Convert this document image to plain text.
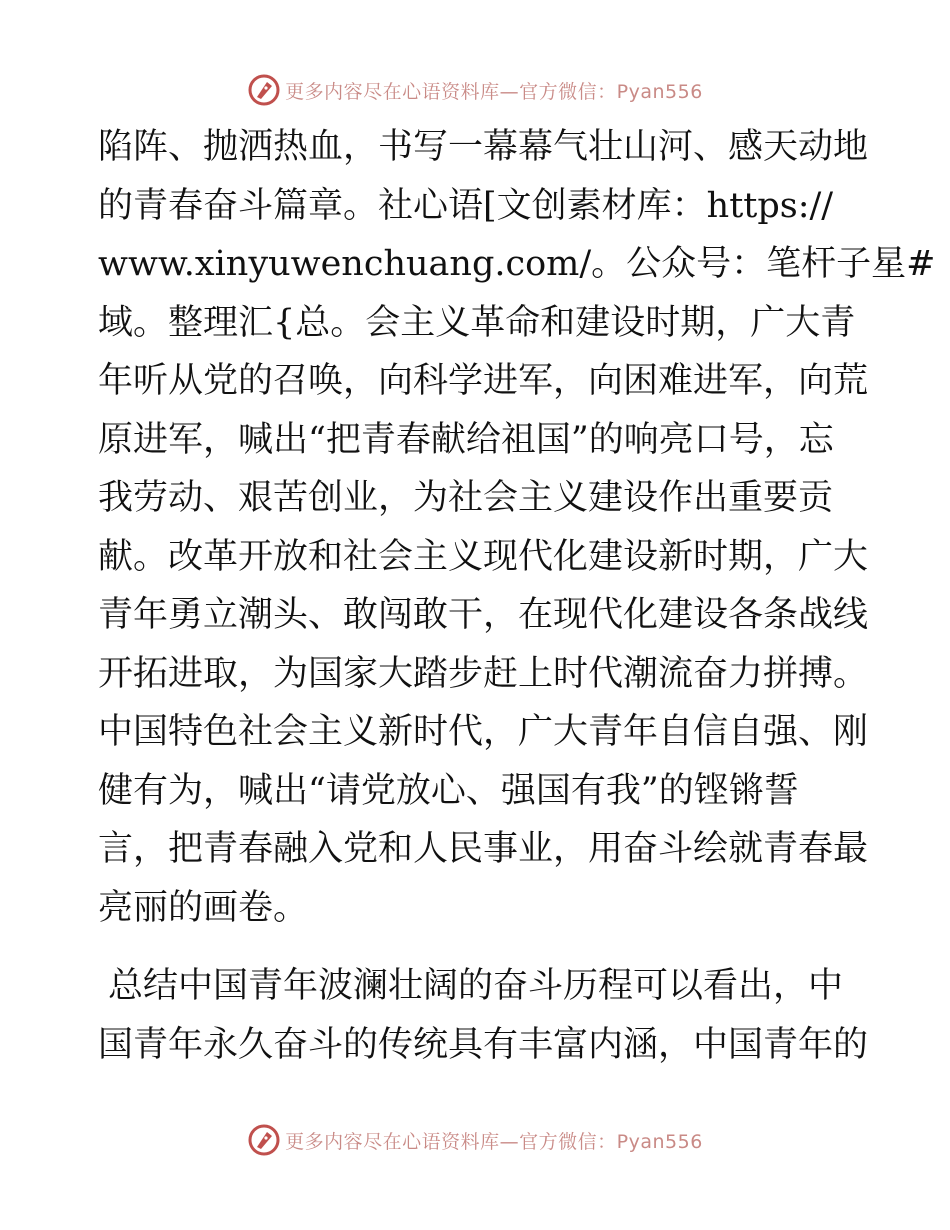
更多内容尽在心语资料库—官方微信：Pyan556
陷阵、抛洒热血，书写一幕幕气壮山河、感天动地
的青春奋斗篇章。社心语[文创素材库：https://
www.xinyuwenchuang.com/。公众号：笔杆子星#
域。整理汇{总。会主义革命和建设时期，广大青
年听从党的召唤，向科学进军，向困难进军，向荒
原进军，喊出“把青春献给祖国”的响亮口号，忘
我劳动、艰苦创业，为社会主义建设作出重要贡
献。改革开放和社会主义现代化建设新时期，广大
青年勇立潮头、敢闯敢干，在现代化建设各条战线
开拓进取，为国家大踏步赶上时代潮流奋力拼搏。
中国特色社会主义新时代，广大青年自信自强、刚
健有为，喊出“请党放心、强国有我”的铿锵誓
言，把青春融入党和人民事业，用奋斗绘就青春最
亮丽的画卷。
总结中国青年波澜壮阔的奋斗历程可以看出，中
国青年永久奋斗的传统具有丰富内涵，中国青年的
更多内容尽在心语资料库—官方微信：Pyan556
